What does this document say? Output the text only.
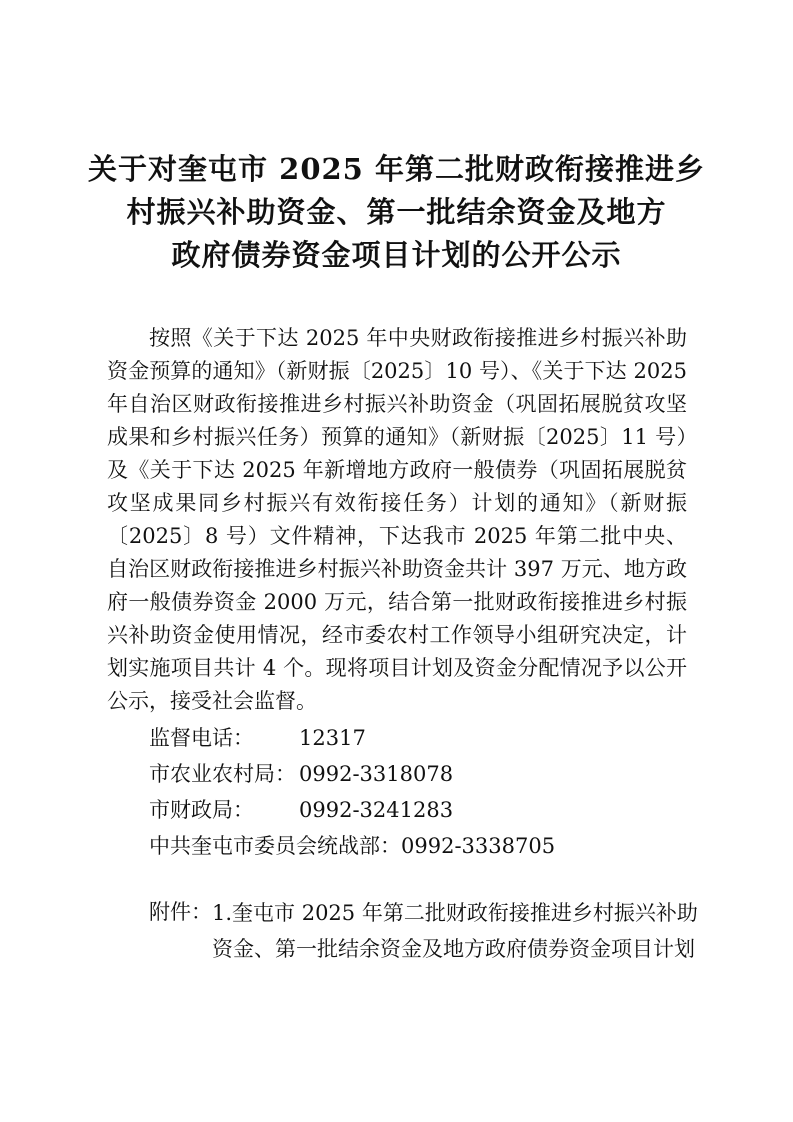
关于对奎屯市 2025 年第二批财政衔接推进乡
村振兴补助资金、第一批结余资金及地方
政府债券资金项目计划的公开公示

按照《关于下达 2025 年中央财政衔接推进乡村振兴补助资金预算的通知》（新财振〔2025〕10 号）、《关于下达 2025 年自治区财政衔接推进乡村振兴补助资金（巩固拓展脱贫攻坚成果和乡村振兴任务）预算的通知》（新财振〔2025〕11 号）及《关于下达 2025 年新增地方政府一般债券（巩固拓展脱贫攻坚成果同乡村振兴有效衔接任务）计划的通知》（新财振〔2025〕8 号）文件精神，下达我市 2025 年第二批中央、自治区财政衔接推进乡村振兴补助资金共计 397 万元、地方政府一般债券资金 2000 万元，结合第一批财政衔接推进乡村振兴补助资金使用情况，经市委农村工作领导小组研究决定，计划实施项目共计 4 个。现将项目计划及资金分配情况予以公开公示，接受社会监督。

监督电话：	12317
市农业农村局： 0992-3318078
市财政局：	0992-3241283
中共奎屯市委员会统战部： 0992-3338705
附件： 1.奎屯市 2025 年第二批财政衔接推进乡村振兴补助
资金、第一批结余资金及地方政府债券资金项目计划
